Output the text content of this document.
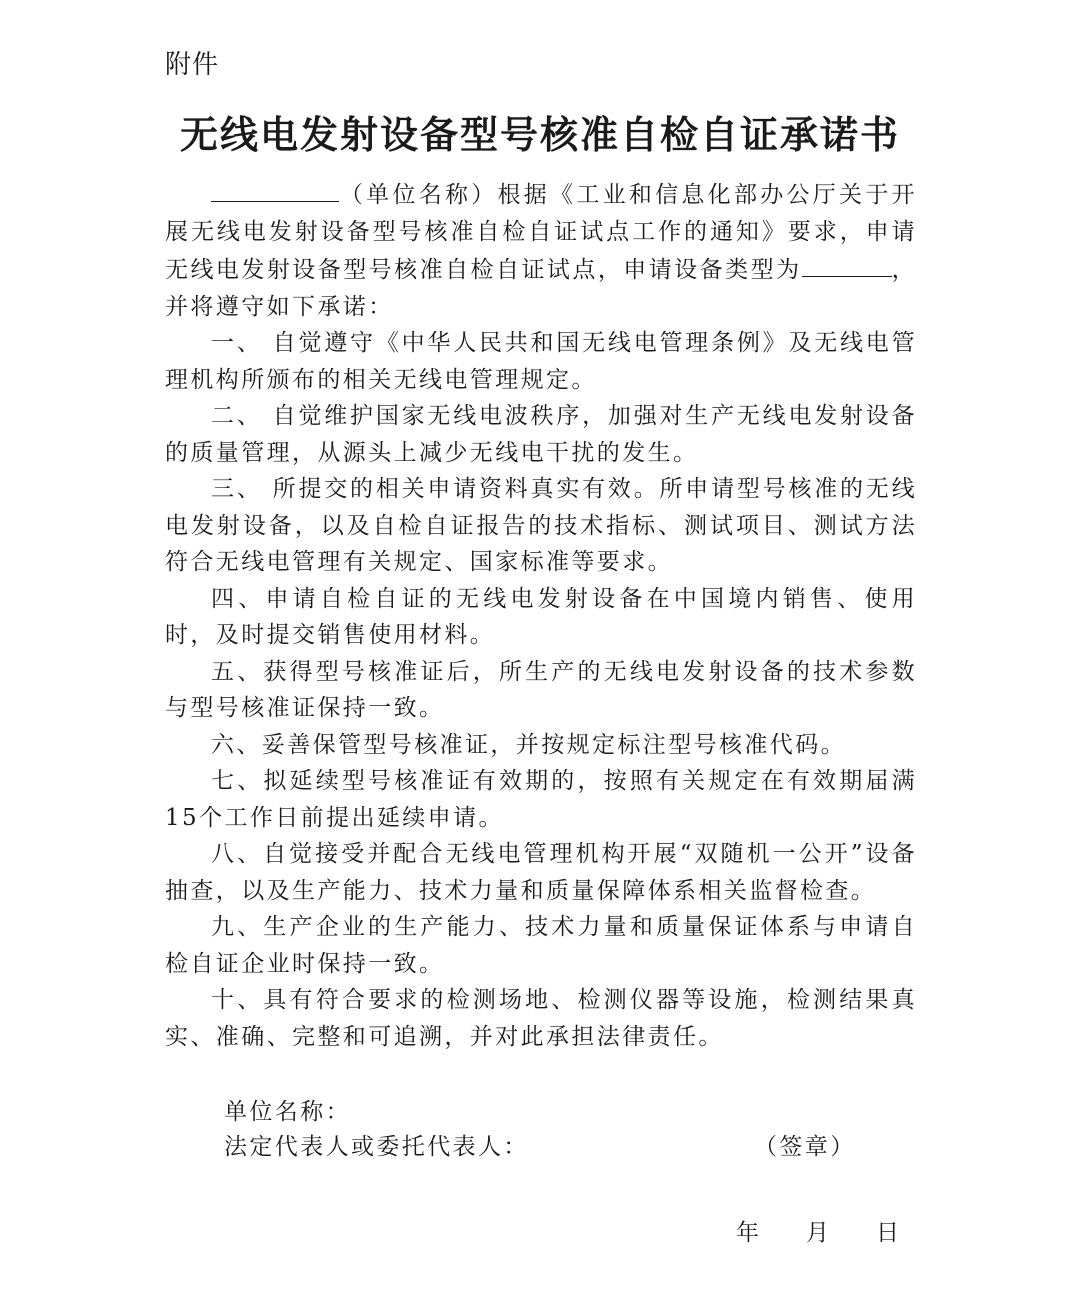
附件
无线电发射设备型号核准自检自证承诺书

（单位名称）根据《工业和信息化部办公厅关于开展无线电发射设备型号核准自检自证试点工作的通知》要求，申请无线电发射设备型号核准自检自证试点，申请设备类型为	，并将遵守如下承诺：

一、 自觉遵守《中华人民共和国无线电管理条例》及无线电管理机构所颁布的相关无线电管理规定。

二、 自觉维护国家无线电波秩序，加强对生产无线电发射设备的质量管理，从源头上减少无线电干扰的发生。

三、 所提交的相关申请资料真实有效。所申请型号核准的无线电发射设备，以及自检自证报告的技术指标、测试项目、测试方法符合无线电管理有关规定、国家标准等要求。

四、申请自检自证的无线电发射设备在中国境内销售、使用时，及时提交销售使用材料。

五、获得型号核准证后，所生产的无线电发射设备的技术参数与型号核准证保持一致。

六、妥善保管型号核准证，并按规定标注型号核准代码。

七、拟延续型号核准证有效期的，按照有关规定在有效期届满15个工作日前提出延续申请。

八、自觉接受并配合无线电管理机构开展“双随机一公开”设备抽查，以及生产能力、技术力量和质量保障体系相关监督检查。

九、生产企业的生产能力、技术力量和质量保证体系与申请自检自证企业时保持一致。

十、具有符合要求的检测场地、检测仪器等设施，检测结果真实、准确、完整和可追溯，并对此承担法律责任。

单位名称：
法定代表人或委托代表人：	（签章）
年 月 日
